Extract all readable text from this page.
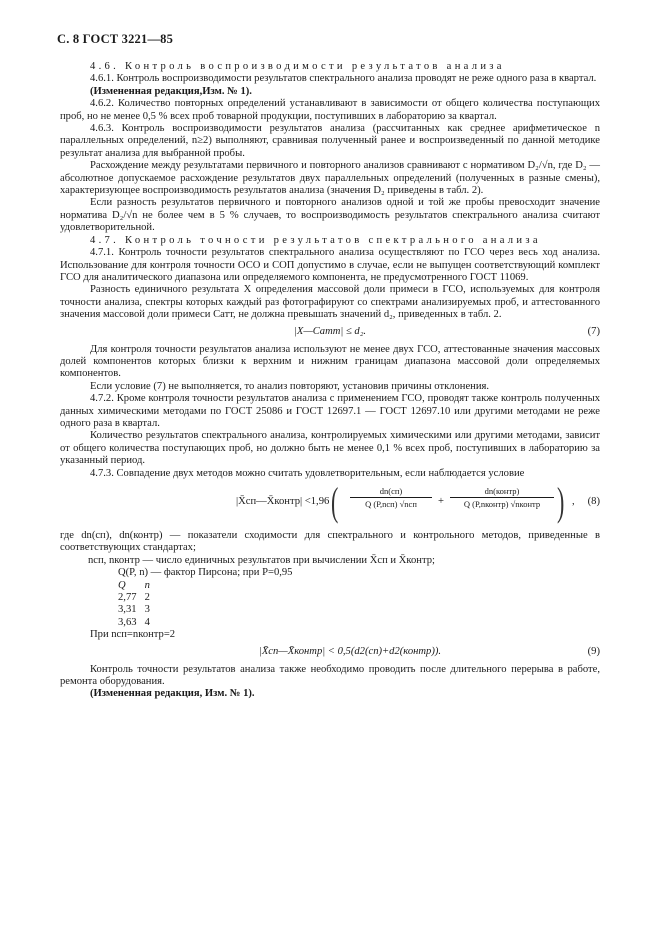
С. 8 ГОСТ 3221—85

4.6. Контроль воспроизводимости результатов анализа

4.6.1. Контроль воспроизводимости результатов спектрального анализа проводят не реже одного раза в квартал.

(Измененная редакция,Изм. № 1).

4.6.2. Количество повторных определений устанавливают в зависимости от общего количества поступающих проб, но не менее 0,5 % всех проб товарной продукции, поступивших в лабораторию за квартал.

4.6.3. Контроль воспроизводимости результатов анализа (рассчитанных как среднее арифметическое n параллельных определений, n≥2) выполняют, сравнивая полученный ранее и воспроизведенный по данной методике результат анализа для выбранной пробы.

Расхождение между результатами первичного и повторного анализов сравнивают с нормативом D₂/√n, где D₂ — абсолютное допускаемое расхождение результатов двух параллельных определений (полученных в разные смены), характеризующее воспроизводимость результатов анализа (значения D₂ приведены в табл. 2).

Если разность результатов первичного и повторного анализов одной и той же пробы превосходит значение норматива D₂/√n не более чем в 5 % случаев, то воспроизводимость результатов спектрального анализа считают удовлетворительной.

4.7. Контроль точности результатов спектрального анализа

4.7.1. Контроль точности результатов спектрального анализа осуществляют по ГСО через весь ход анализа. Использование для контроля точности ОСО и СОП допустимо в случае, если не выпущен соответствующий комплект ГСО для аналитического диапазона или определяемого компонента, не предусмотренного ГОСТ 11069.

Разность единичного результата X определения массовой доли примеси в ГСО, используемых для контроля точности анализа, спектры которых каждый раз фотографируют со спектрами анализируемых проб, и аттестованного значения массовой доли примеси Cатт, не должна превышать значений d₂, приведенных в табл. 2.

|X—Cатт| ≤ d₂.	(7)

Для контроля точности результатов анализа используют не менее двух ГСО, аттестованные значения массовых долей компонентов которых близки к верхним и нижним границам диапазона массовой доли определяемых компонентов.

Если условие (7) не выполняется, то анализ повторяют, установив причины отклонения.

4.7.2. Кроме контроля точности результатов анализа с применением ГСО, проводят также контроль полученных данных химическими методами по ГОСТ 25086 и ГОСТ 12697.1 — ГОСТ 12697.10 или другими методами не реже одного раза в квартал.

Количество результатов спектрального анализа, контролируемых химическими или другими методами, зависит от общего количества поступающих проб, но должно быть не менее 0,1 % всех проб, поступивших в лабораторию за указанный период.

4.7.3. Совпадение двух методов можно считать удовлетворительным, если наблюдается условие

|X̄сп—X̄контр| <1,96 (	dn(сп)
Q (P,nсп) √nсп	+
dn(контр)
Q (P,nконтр) √nконтр ) , (8)

где dn(сп), dn(контр) — показатели сходимости для спектрального и контрольного методов, приведенные в соответствующих стандартах;

nсп, nконтр — число единичных результатов при вычислении X̄сп и X̄контр;

Q(P, n) — фактор Пирсона; при P=0,95

Q n
2,77 2
3,31 3
3,63 4

При nсп=nконтр=2

|X̄сп—X̄контр| < 0,5(d2(сп)+d2(контр)).	(9)

Контроль точности результатов анализа также необходимо проводить после длительного перерыва в работе, ремонта оборудования.

(Измененная редакция, Изм. № 1).
